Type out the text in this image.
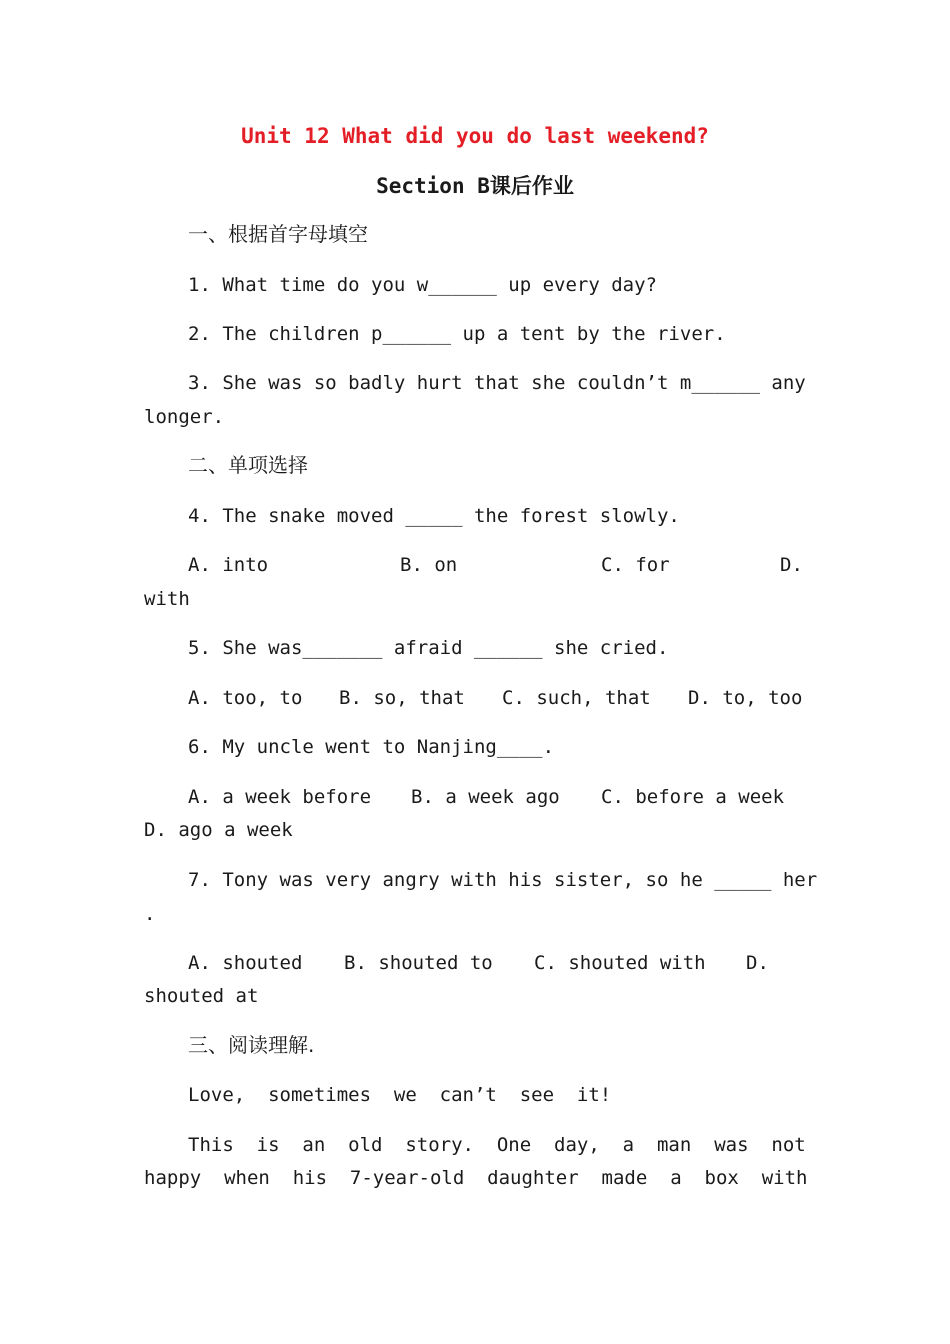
Unit 12 What did you do last weekend?
Section B课后作业
一、根据首字母填空
1. What time do you w______ up every day?
2. The children p______ up a tent by the river.
3. She was so badly hurt that she couldn’t m______ any
longer.
二、单项选择
4. The snake moved _____ the forest slowly.
A. into	B. on	C. for	D.
with
5. She was_______ afraid ______ she cried.
A. too, to B. so, that C. such, that D. to, too
6. My uncle went to Nanjing____.
A. a week before B. a week ago C. before a week
D. ago a week
7. Tony was very angry with his sister, so he _____ her
.
A. shouted B. shouted to C. shouted with D.
shouted at
三、阅读理解.
Love,  sometimes  we  can’t  see  it!
This  is  an  old  story.  One  day,  a  man  was  not
happy  when  his  7-year-old  daughter  made  a  box  with
